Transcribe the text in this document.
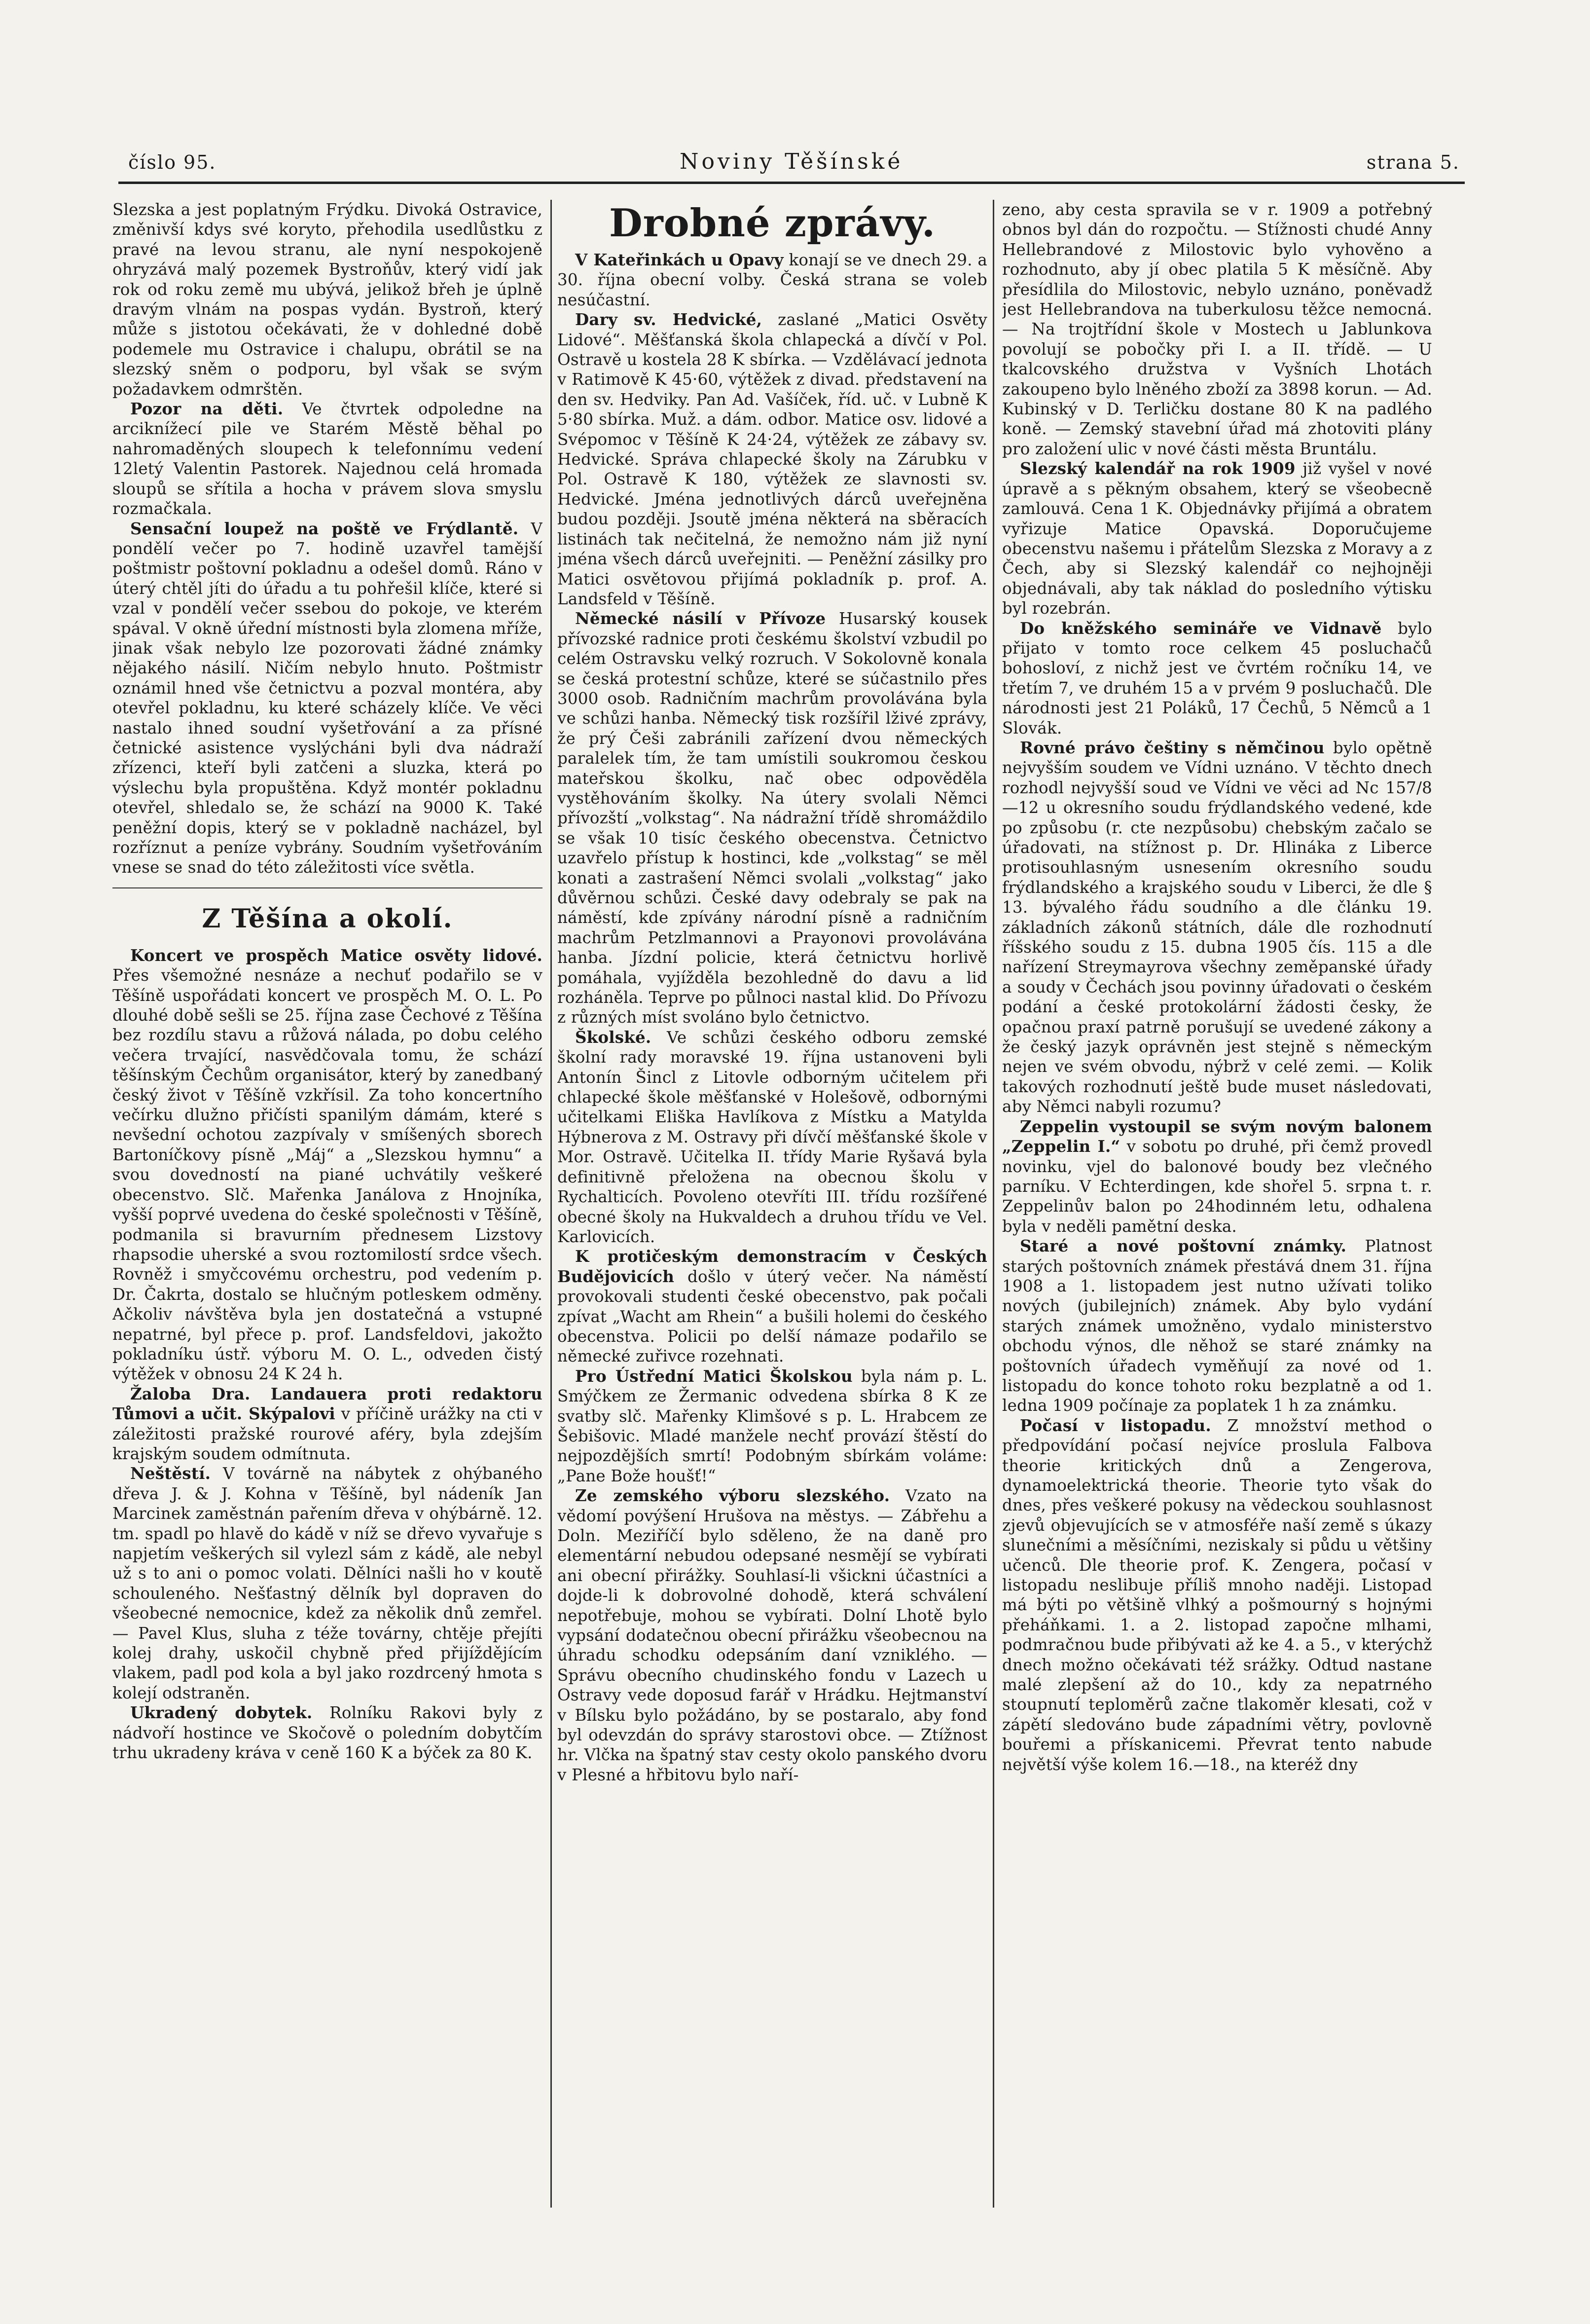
číslo 95.	Noviny Těšínské	strana 5.

Slezska a jest poplatným Frýdku. Divoká Ostravice, změnivší kdys své koryto, přehodila usedlůstku z pravé na levou stranu, ale nyní nespokojeně ohryzává malý pozemek Bystroňův, který vidí jak rok od roku země mu ubývá, jelikož břeh je úplně dravým vlnám na pospas vydán. Bystroň, který může s jistotou očekávati, že v dohledné době podemele mu Ostravice i chalupu, obrátil se na slezský sněm o podporu, byl však se svým požadavkem odmrštěn.

Pozor na děti. Ve čtvrtek odpoledne na arciknížecí pile ve Starém Městě běhal po nahromaděných sloupech k telefonnímu vedení 12letý Valentin Pastorek. Najednou celá hromada sloupů se sřítila a hocha v právem slova smyslu rozmačkala.

Sensační loupež na poště ve Frýdlantě. V pondělí večer po 7. hodině uzavřel tamější poštmistr poštovní pokladnu a odešel domů. Ráno v úterý chtěl jíti do úřadu a tu pohřešil klíče, které si vzal v pondělí večer ssebou do pokoje, ve kterém spával. V okně úřední místnosti byla zlomena mříže, jinak však nebylo lze pozorovati žádné známky nějakého násilí. Ničím nebylo hnuto. Poštmistr oznámil hned vše četnictvu a pozval montéra, aby otevřel pokladnu, ku které scházely klíče. Ve věci nastalo ihned soudní vyšetřování a za přísné četnické asistence vyslýcháni byli dva nádraží zřízenci, kteří byli zatčeni a sluzka, která po výslechu byla propuštěna. Když montér pokladnu otevřel, shledalo se, že schází na 9000 K. Také peněžní dopis, který se v pokladně nacházel, byl rozříznut a peníze vybrány. Soudním vyšetřováním vnese se snad do této záležitosti více světla.

Z Těšína a okolí.

Koncert ve prospěch Matice osvěty lidové. Přes všemožné nesnáze a nechuť podařilo se v Těšíně uspořádati koncert ve prospěch M. O. L. Po dlouhé době sešli se 25. října zase Čechové z Těšína bez rozdílu stavu a růžová nálada, po dobu celého večera trvající, nasvědčovala tomu, že schází těšínským Čechům organisátor, který by zanedbaný český život v Těšíně vzkřísil. Za toho koncertního večírku dlužno přičísti spanilým dámám, které s nevšední ochotou zazpívaly v smíšených sborech Bartoníčkovy písně „Máj“ a „Slezskou hymnu“ a svou dovedností na piané uchvátily veškeré obecenstvo. Slč. Mařenka Janálova z Hnojníka, vyšší poprvé uvedena do české společnosti v Těšíně, podmanila si bravurním přednesem Lizstovy rhapsodie uherské a svou roztomilostí srdce všech. Rovněž i smyčcovému orchestru, pod vedením p. Dr. Čakrta, dostalo se hlučným potleskem odměny. Ačkoliv návštěva byla jen dostatečná a vstupné nepatrné, byl přece p. prof. Landsfeldovi, jakožto pokladníku ústř. výboru M. O. L., odveden čistý výtěžek v obnosu 24 K 24 h.

Žaloba Dra. Landauera proti redaktoru Tůmovi a učit. Skýpalovi v příčině urážky na cti v záležitosti pražské rourové aféry, byla zdejším krajským soudem odmítnuta.

Neštěstí. V továrně na nábytek z ohýbaného dřeva J. & J. Kohna v Těšíně, byl nádeník Jan Marcinek zaměstnán pařením dřeva v ohýbárně. 12. tm. spadl po hlavě do kádě v níž se dřevo vyvařuje s napjetím veškerých sil vylezl sám z kádě, ale nebyl už s to ani o pomoc volati. Dělníci našli ho v koutě schouleného. Nešťastný dělník byl dopraven do všeobecné nemocnice, kdež za několik dnů zemřel. — Pavel Klus, sluha z téže továrny, chtěje přejíti kolej drahy, uskočil chybně před přijíždějícím vlakem, padl pod kola a byl jako rozdrcený hmota s kolejí odstraněn.

Ukradený dobytek. Rolníku Rakovi byly z nádvoří hostince ve Skočově o poledním dobytčím trhu ukradeny kráva v ceně 160 K a býček za 80 K.

Drobné zprávy.

V Kateřinkách u Opavy konají se ve dnech 29. a 30. října obecní volby. Česká strana se voleb nesúčastní.

Dary sv. Hedvické, zaslané „Matici Osvěty Lidové“. Měšťanská škola chlapecká a dívčí v Pol. Ostravě u kostela 28 K sbírka. — Vzdělávací jednota v Ratimově K 45·60, výtěžek z divad. představení na den sv. Hedviky. Pan Ad. Vašíček, říd. uč. v Lubně K 5·80 sbírka. Muž. a dám. odbor. Matice osv. lidové a Svépomoc v Těšíně K 24·24, výtěžek ze zábavy sv. Hedvické. Správa chlapecké školy na Zárubku v Pol. Ostravě K 180, výtěžek ze slavnosti sv. Hedvické. Jména jednotlivých dárců uveřejněna budou později. Jsoutě jména některá na sběracích listinách tak nečitelná, že nemožno nám již nyní jména všech dárců uveřejniti. — Peněžní zásilky pro Matici osvětovou přijímá pokladník p. prof. A. Landsfeld v Těšíně.

Německé násilí v Přívoze Husarský kousek přívozské radnice proti českému školství vzbudil po celém Ostravsku velký rozruch. V Sokolovně konala se česká protestní schůze, které se súčastnilo přes 3000 osob. Radničním machrům provolávána byla ve schůzi hanba. Německý tisk rozšířil lživé zprávy, že prý Češi zabránili zařízení dvou německých paralelek tím, že tam umístili soukromou českou mateřskou školku, nač obec odpověděla vystěhováním školky. Na útery svolali Němci přívozští „volkstag“. Na nádražní třídě shromáždilo se však 10 tisíc českého obecenstva. Četnictvo uzavřelo přístup k hostinci, kde „volkstag“ se měl konati a zastrašení Němci svolali „volkstag“ jako důvěrnou schůzi. České davy odebraly se pak na náměstí, kde zpívány národní písně a radničním machrům Petzlmannovi a Prayonovi provolávána hanba. Jízdní policie, která četnictvu horlivě pomáhala, vyjížděla bezohledně do davu a lid rozháněla. Teprve po půlnoci nastal klid. Do Přívozu z různých míst svoláno bylo četnictvo.

Školské. Ve schůzi českého odboru zemské školní rady moravské 19. října ustanoveni byli Antonín Šincl z Litovle odborným učitelem při chlapecké škole měšťanské v Holešově, odbornými učitelkami Eliška Havlíkova z Místku a Matylda Hýbnerova z M. Ostravy při dívčí měšťanské škole v Mor. Ostravě. Učitelka II. třídy Marie Ryšavá byla definitivně přeložena na obecnou školu v Rychalticích. Povoleno otevříti III. třídu rozšířené obecné školy na Hukvaldech a druhou třídu ve Vel. Karlovicích.

K protičeským demonstracím v Českých Budějovicích došlo v úterý večer. Na náměstí provokovali studenti české obecenstvo, pak počali zpívat „Wacht am Rhein“ a bušili holemi do českého obecenstva. Policii po delší námaze podařilo se německé zuřivce rozehnati.

Pro Ústřední Matici Školskou byla nám p. L. Smýčkem ze Žermanic odvedena sbírka 8 K ze svatby slč. Mařenky Klimšové s p. L. Hrabcem ze Šebišovic. Mladé manžele nechť provází štěstí do nejpozdějších smrtí! Podobným sbírkám voláme: „Pane Bože houšť!“

Ze zemského výboru slezského. Vzato na vědomí povýšení Hrušova na městys. — Zábřehu a Doln. Meziříčí bylo sděleno, že na daně pro elementární nebudou odepsané nesmějí se vybírati ani obecní přirážky. Souhlasí-li všickni účastníci a dojde-li k dobrovolné dohodě, která schválení nepotřebuje, mohou se vybírati. Dolní Lhotě bylo vypsání dodatečnou obecní přirážku všeobecnou na úhradu schodku odepsáním daní vzniklého. — Správu obecního chudinského fondu v Lazech u Ostravy vede doposud farář v Hrádku. Hejtmanství v Bílsku bylo požádáno, by se postaralo, aby fond byl odevzdán do správy starostovi obce. — Ztížnost hr. Vlčka na špatný stav cesty okolo panského dvoru v Plesné a hřbitovu bylo naří-

zeno, aby cesta spravila se v r. 1909 a potřebný obnos byl dán do rozpočtu. — Stížnosti chudé Anny Hellebrandové z Milostovic bylo vyhověno a rozhodnuto, aby jí obec platila 5 K měsíčně. Aby přesídlila do Milostovic, nebylo uznáno, poněvadž jest Hellebrandova na tuberkulosu těžce nemocná. — Na trojtřídní škole v Mostech u Jablunkova povolují se pobočky při I. a II. třídě. — U tkalcovského družstva v Vyšních Lhotách zakoupeno bylo lněného zboží za 3898 korun. — Ad. Kubinský v D. Terličku dostane 80 K na padlého koně. — Zemský stavební úřad má zhotoviti plány pro založení ulic v nové části města Bruntálu.

Slezský kalendář na rok 1909 již vyšel v nové úpravě a s pěkným obsahem, který se všeobecně zamlouvá. Cena 1 K. Objednávky přijímá a obratem vyřizuje Matice Opavská. Doporučujeme obecenstvu našemu i přátelům Slezska z Moravy a z Čech, aby si Slezský kalendář co nejhojněji objednávali, aby tak náklad do posledního výtisku byl rozebrán.

Do kněžského semináře ve Vidnavě bylo přijato v tomto roce celkem 45 posluchačů bohosloví, z nichž jest ve čvrtém ročníku 14, ve třetím 7, ve druhém 15 a v prvém 9 posluchačů. Dle národnosti jest 21 Poláků, 17 Čechů, 5 Němců a 1 Slovák.

Rovné právo češtiny s němčinou bylo opětně nejvyšším soudem ve Vídni uznáno. V těchto dnech rozhodl nejvyšší soud ve Vídni ve věci ad Nc 157/8—12 u okresního soudu frýdlandského vedené, kde po způsobu (r. cte nezpůsobu) chebským začalo se úřadovati, na stížnost p. Dr. Hlináka z Liberce protisouhlasným usnesením okresního soudu frýdlandského a krajského soudu v Liberci, že dle § 13. bývalého řádu soudního a dle článku 19. základních zákonů státních, dále dle rozhodnutí říšského soudu z 15. dubna 1905 čís. 115 a dle nařízení Streymayrova všechny zeměpanské úřady a soudy v Čechách jsou povinny úřadovati o českém podání a české protokolární žádosti česky, že opačnou praxí patrně porušují se uvedené zákony a že český jazyk oprávněn jest stejně s německým nejen ve svém obvodu, nýbrž v celé zemi. — Kolik takových rozhodnutí ještě bude muset následovati, aby Němci nabyli rozumu?

Zeppelin vystoupil se svým novým balonem „Zeppelin I.“ v sobotu po druhé, při čemž provedl novinku, vjel do balonové boudy bez vlečného parníku. V Echterdingen, kde shořel 5. srpna t. r. Zeppelinův balon po 24hodinném letu, odhalena byla v neděli pamětní deska.

Staré a nové poštovní známky. Platnost starých poštovních známek přestává dnem 31. října 1908 a 1. listopadem jest nutno užívati toliko nových (jubilejních) známek. Aby bylo vydání starých známek umožněno, vydalo ministerstvo obchodu výnos, dle něhož se staré známky na poštovních úřadech vyměňují za nové od 1. listopadu do konce tohoto roku bezplatně a od 1. ledna 1909 počínaje za poplatek 1 h za známku.

Počasí v listopadu. Z množství method o předpovídání počasí nejvíce proslula Falbova theorie kritických dnů a Zengerova, dynamoelektrická theorie. Theorie tyto však do dnes, přes veškeré pokusy na vědeckou souhlasnost zjevů objevujících se v atmosféře naší země s úkazy slunečními a měsíčními, neziskaly si půdu u většiny učenců. Dle theorie prof. K. Zengera, počasí v listopadu neslibuje příliš mnoho naději. Listopad má býti po většině vlhký a pošmourný s hojnými přeháňkami. 1. a 2. listopad započne mlhami, podmračnou bude přibývati až ke 4. a 5., v kterýchž dnech možno očekávati též srážky. Odtud nastane malé zlepšení až do 10., kdy za nepatrného stoupnutí teploměrů začne tlakoměr klesati, což v zápětí sledováno bude západními větry, povlovně bouřemi a přískanicemi. Převrat tento nabude největší výše kolem 16.—18., na kteréž dny
